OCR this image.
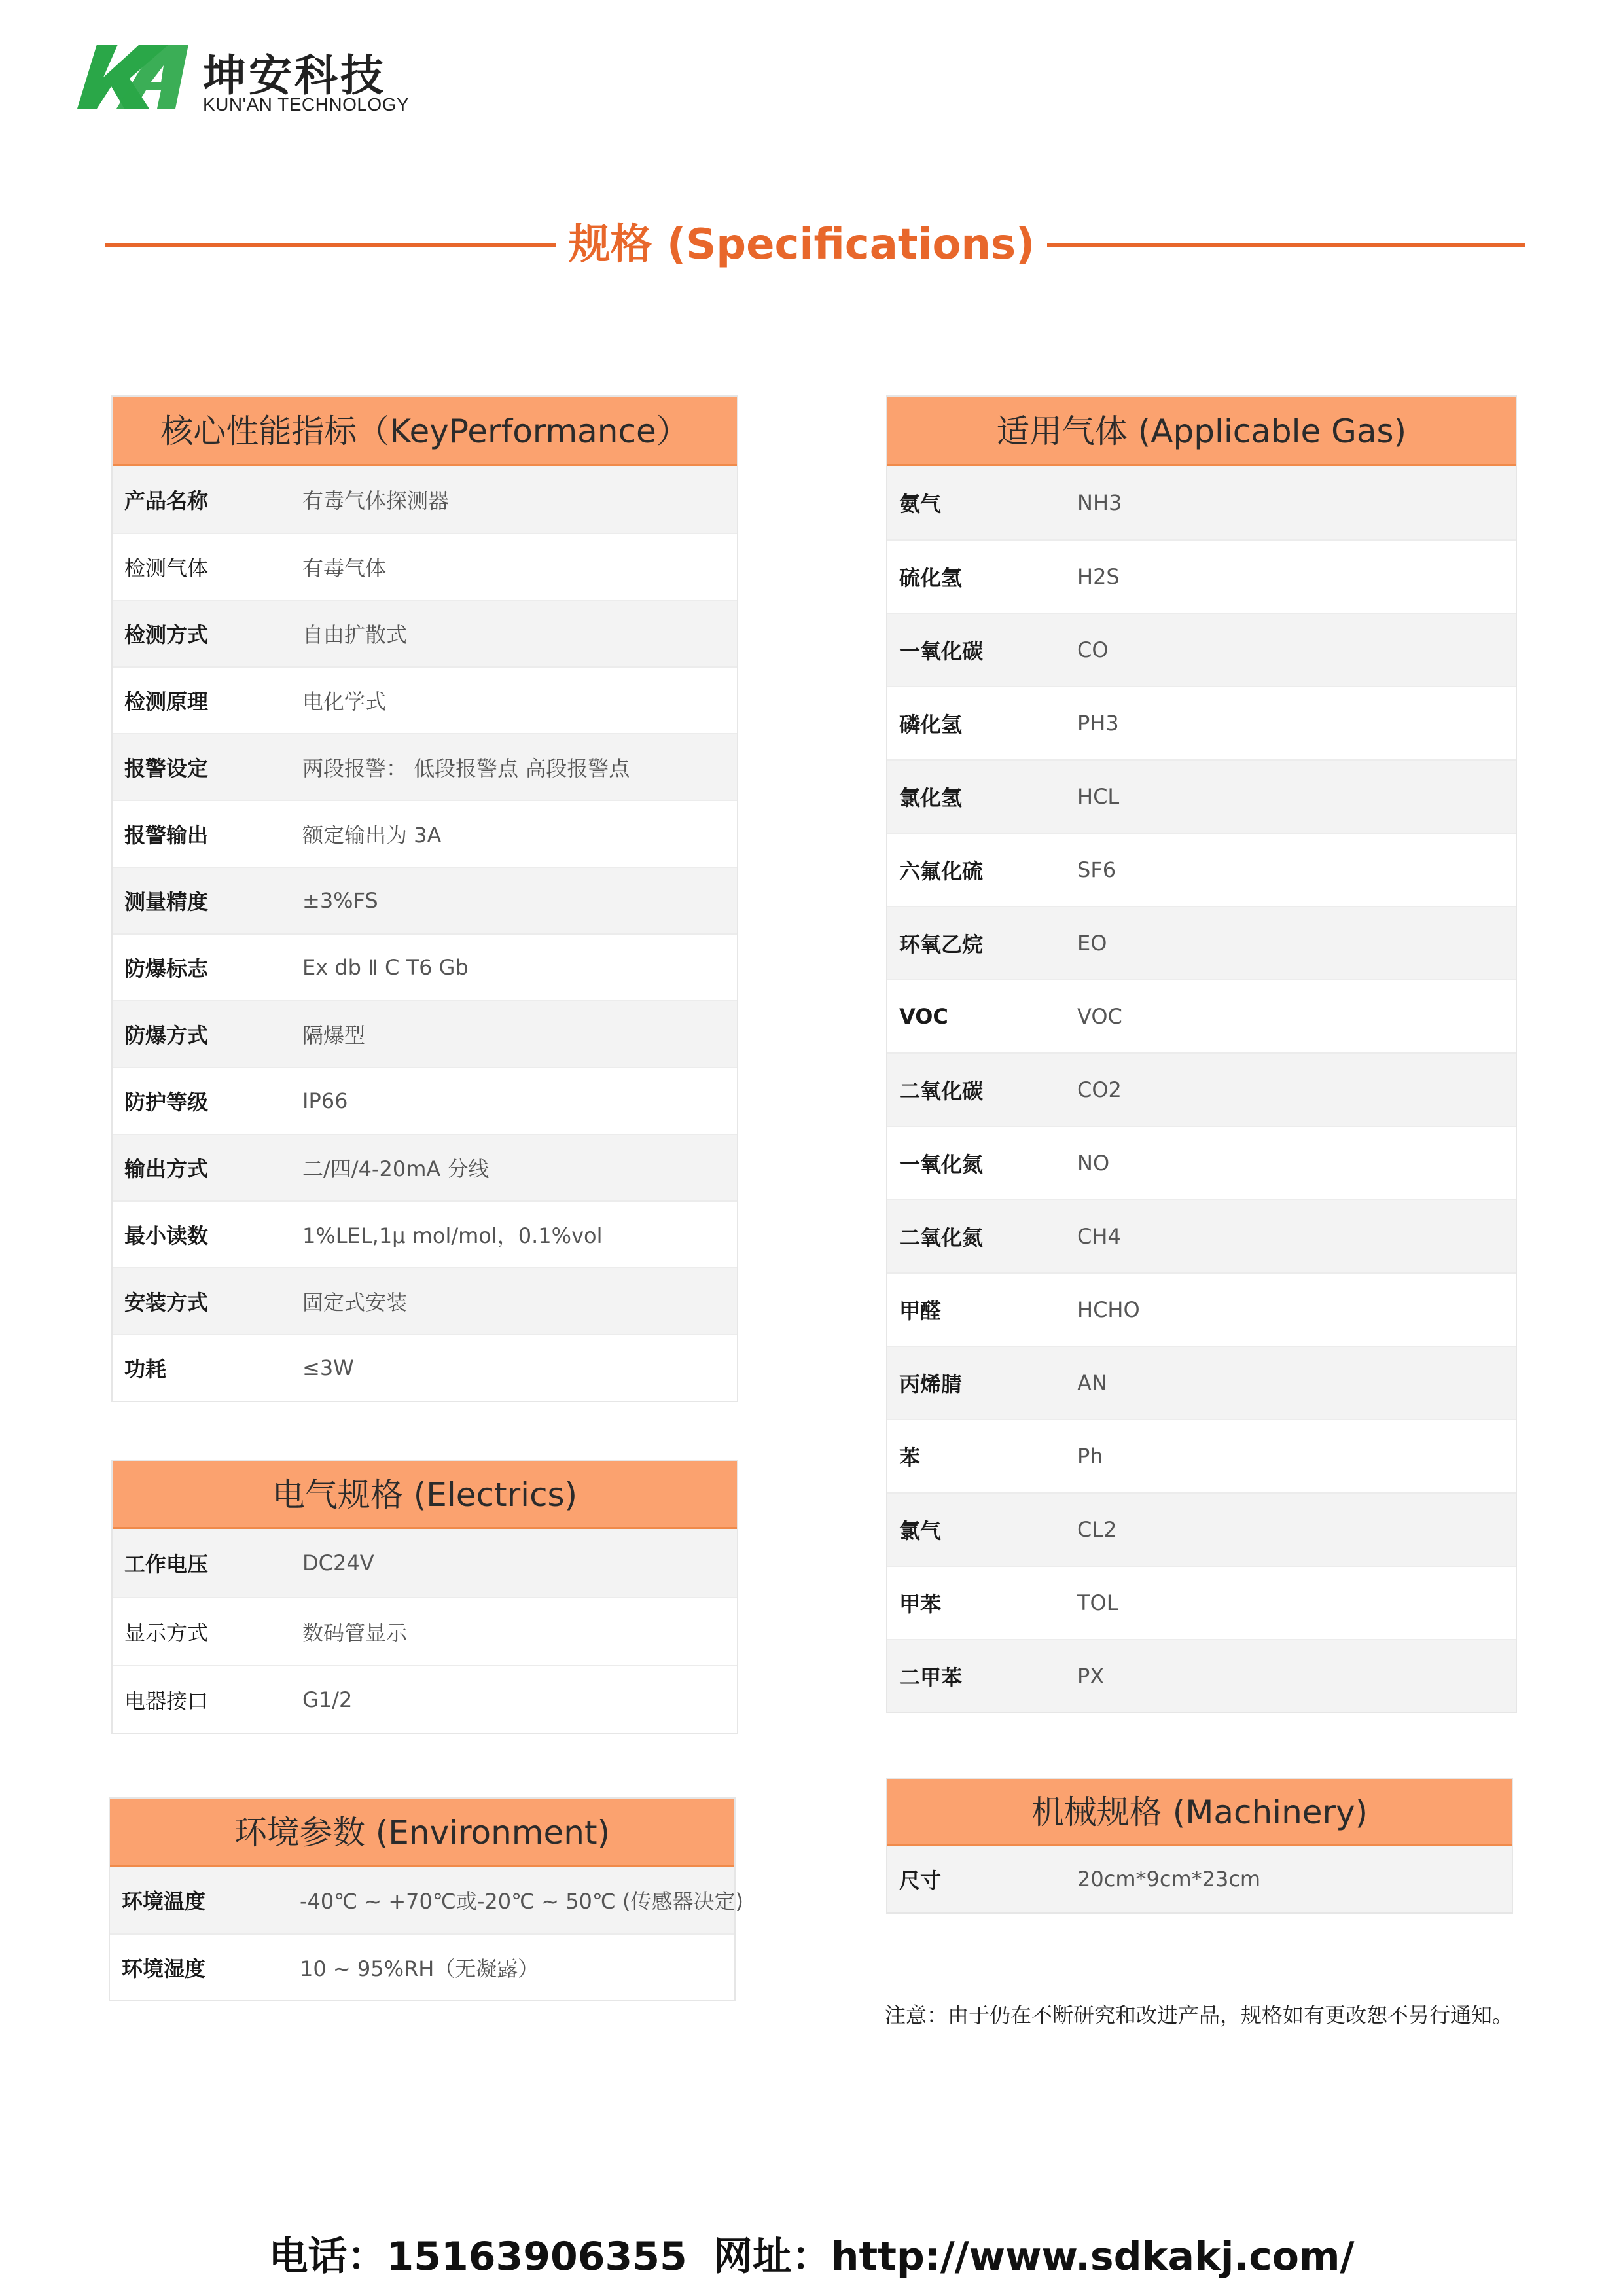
坤安科技
KUN'AN TECHNOLOGY
规格 (Specifications)
核心性能指标（KeyPerformance）
产品名称	有毒气体探测器
检测气体	有毒气体
检测方式	自由扩散式
检测原理	电化学式
报警设定	两段报警： 低段报警点 高段报警点
报警输出	额定输出为 3A
测量精度	±3%FS
防爆标志	Ex db Ⅱ C T6 Gb
防爆方式	隔爆型
防护等级	IP66
输出方式	二/四/4-20mA 分线
最小读数	1%LEL,1μ mol/mol，0.1%vol
安装方式	固定式安装
功耗	≤3W
电气规格 (Electrics)
工作电压	DC24V
显示方式	数码管显示
电器接口	G1/2
环境参数 (Environment)
环境温度	-40℃ ~ +70℃或-20℃ ~ 50℃ (传感器决定)
环境湿度	10 ~ 95%RH（无凝露）
适用气体 (Applicable Gas)
氨气	NH3
硫化氢	H2S
一氧化碳	CO
磷化氢	PH3
氯化氢	HCL
六氟化硫	SF6
环氧乙烷	EO
VOC	VOC
二氧化碳	CO2
一氧化氮	NO
二氧化氮	CH4
甲醛	HCHO
丙烯腈	AN
苯	Ph
氯气	CL2
甲苯	TOL
二甲苯	PX
机械规格 (Machinery)
尺寸	20cm*9cm*23cm
注意：由于仍在不断研究和改进产品，规格如有更改恕不另行通知。
电话：15163906355 网址：http://www.sdkakj.com/
